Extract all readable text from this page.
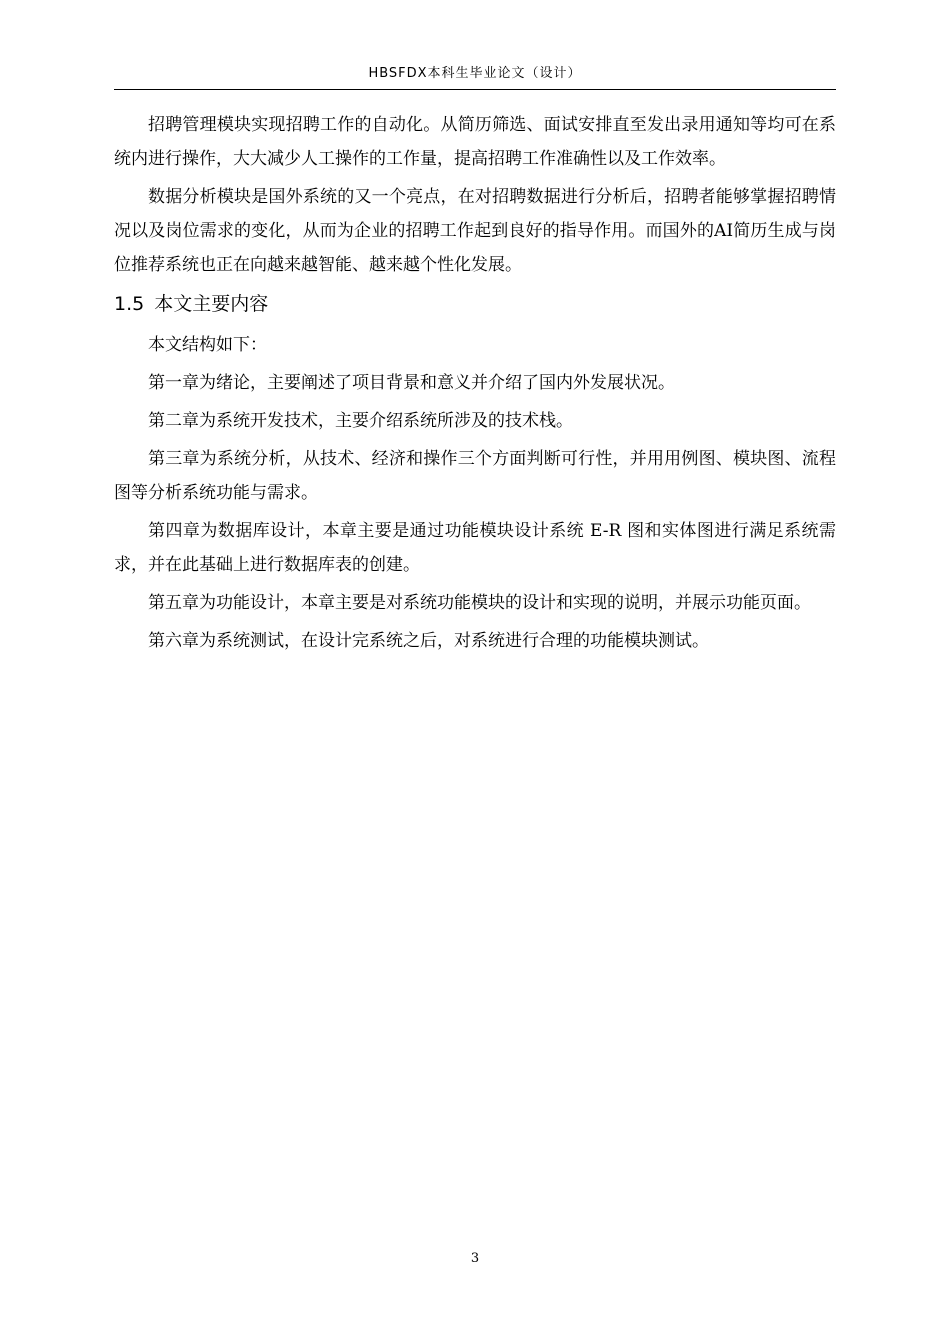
HBSFDX本科生毕业论文（设计）

招聘管理模块实现招聘工作的自动化。从简历筛选、面试安排直至发出录用通知等均可在系统内进行操作，大大减少人工操作的工作量，提高招聘工作准确性以及工作效率。

数据分析模块是国外系统的又一个亮点，在对招聘数据进行分析后，招聘者能够掌握招聘情况以及岗位需求的变化，从而为企业的招聘工作起到良好的指导作用。而国外的AI简历生成与岗位推荐系统也正在向越来越智能、越来越个性化发展。

1.5 本文主要内容

本文结构如下：

第一章为绪论，主要阐述了项目背景和意义并介绍了国内外发展状况。

第二章为系统开发技术，主要介绍系统所涉及的技术栈。

第三章为系统分析，从技术、经济和操作三个方面判断可行性，并用用例图、模块图、流程图等分析系统功能与需求。

第四章为数据库设计，本章主要是通过功能模块设计系统 E-R 图和实体图进行满足系统需求，并在此基础上进行数据库表的创建。

第五章为功能设计，本章主要是对系统功能模块的设计和实现的说明，并展示功能页面。

第六章为系统测试，在设计完系统之后，对系统进行合理的功能模块测试。

3
